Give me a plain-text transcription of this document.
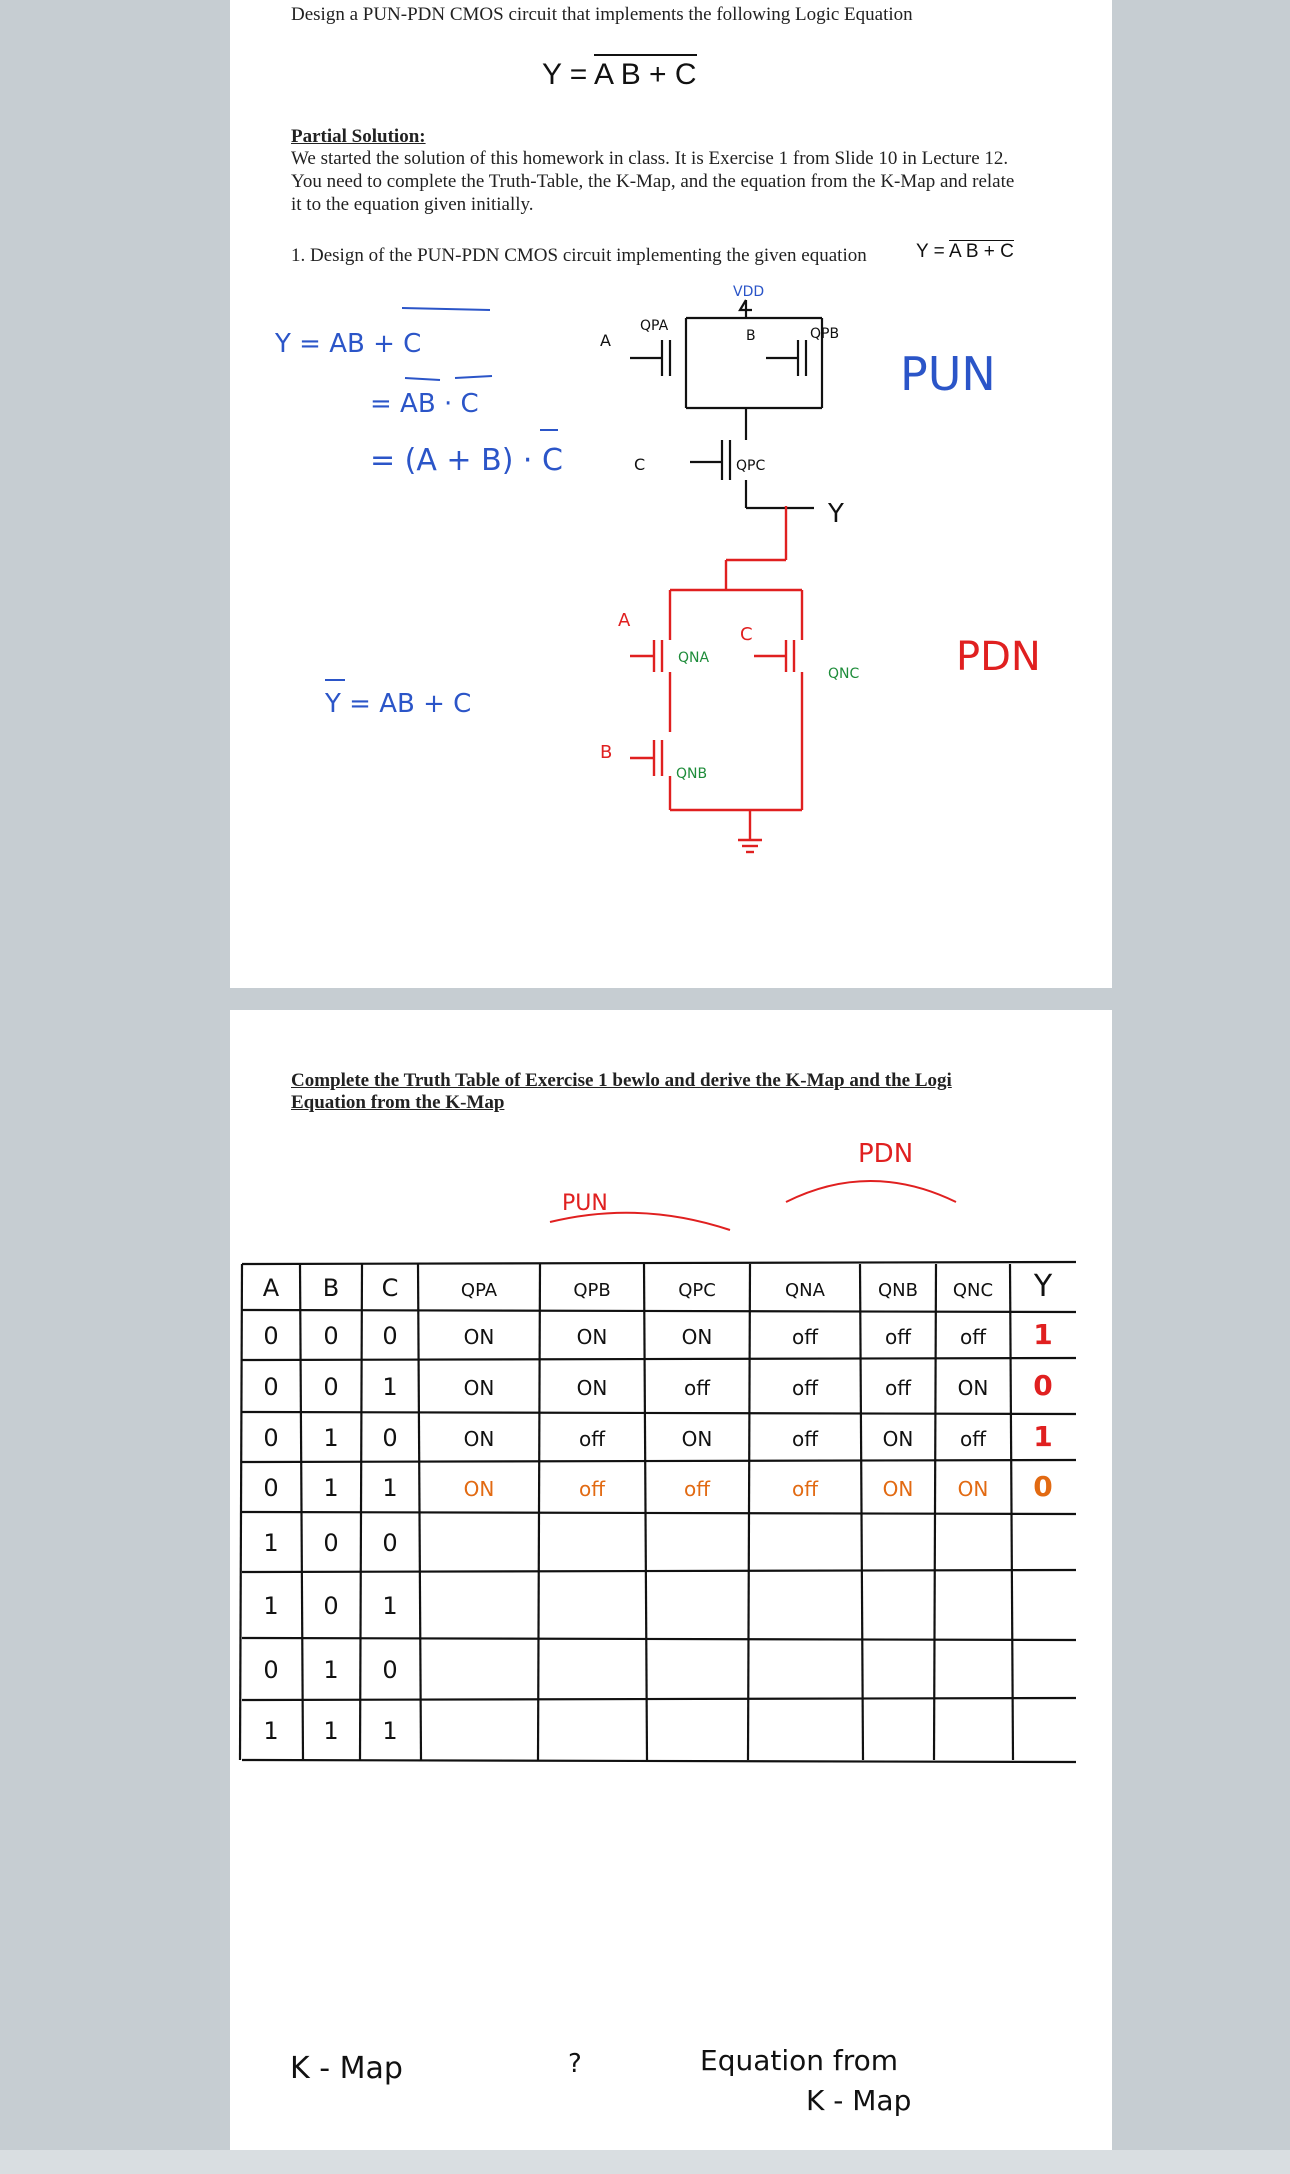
Design a PUN-PDN CMOS circuit that implements the following Logic Equation
Y = A B + C
Partial Solution:
We started the solution of this homework in class. It is Exercise 1 from Slide 10 in Lecture 12.
You need to complete the Truth-Table, the K-Map, and the equation from the K-Map and relate
it to the equation given initially.
1. Design of the PUN-PDN CMOS circuit implementing the given equation	Y = A B + C
Y = AB + C
= AB · C
= (A + B) · C
Y = AB + C
PUN
VDD
A
QPA
B	QPB
C	QPC
Y
A
C
B
PDN
QNA
QNB
QNC
Complete the Truth Table of Exercise 1 bewlo and derive the K-Map and the Logi
Equation from the K-Map
PDN
PUN
A B C	QPA	QPB	QPC	QNA	QNB QNC Y
0 0 0	ON	ON	ON	off	off off 1
0 0 1	ON	ON	off	off	off ON 0
0 1 0	ON	off	ON	off	ON off 1
0 1 1	ON	off	off	off	ON ON 0
1 0 0
1 0 1
0 1 0
1 1 1
K - Map	?	Equation from
K - Map
